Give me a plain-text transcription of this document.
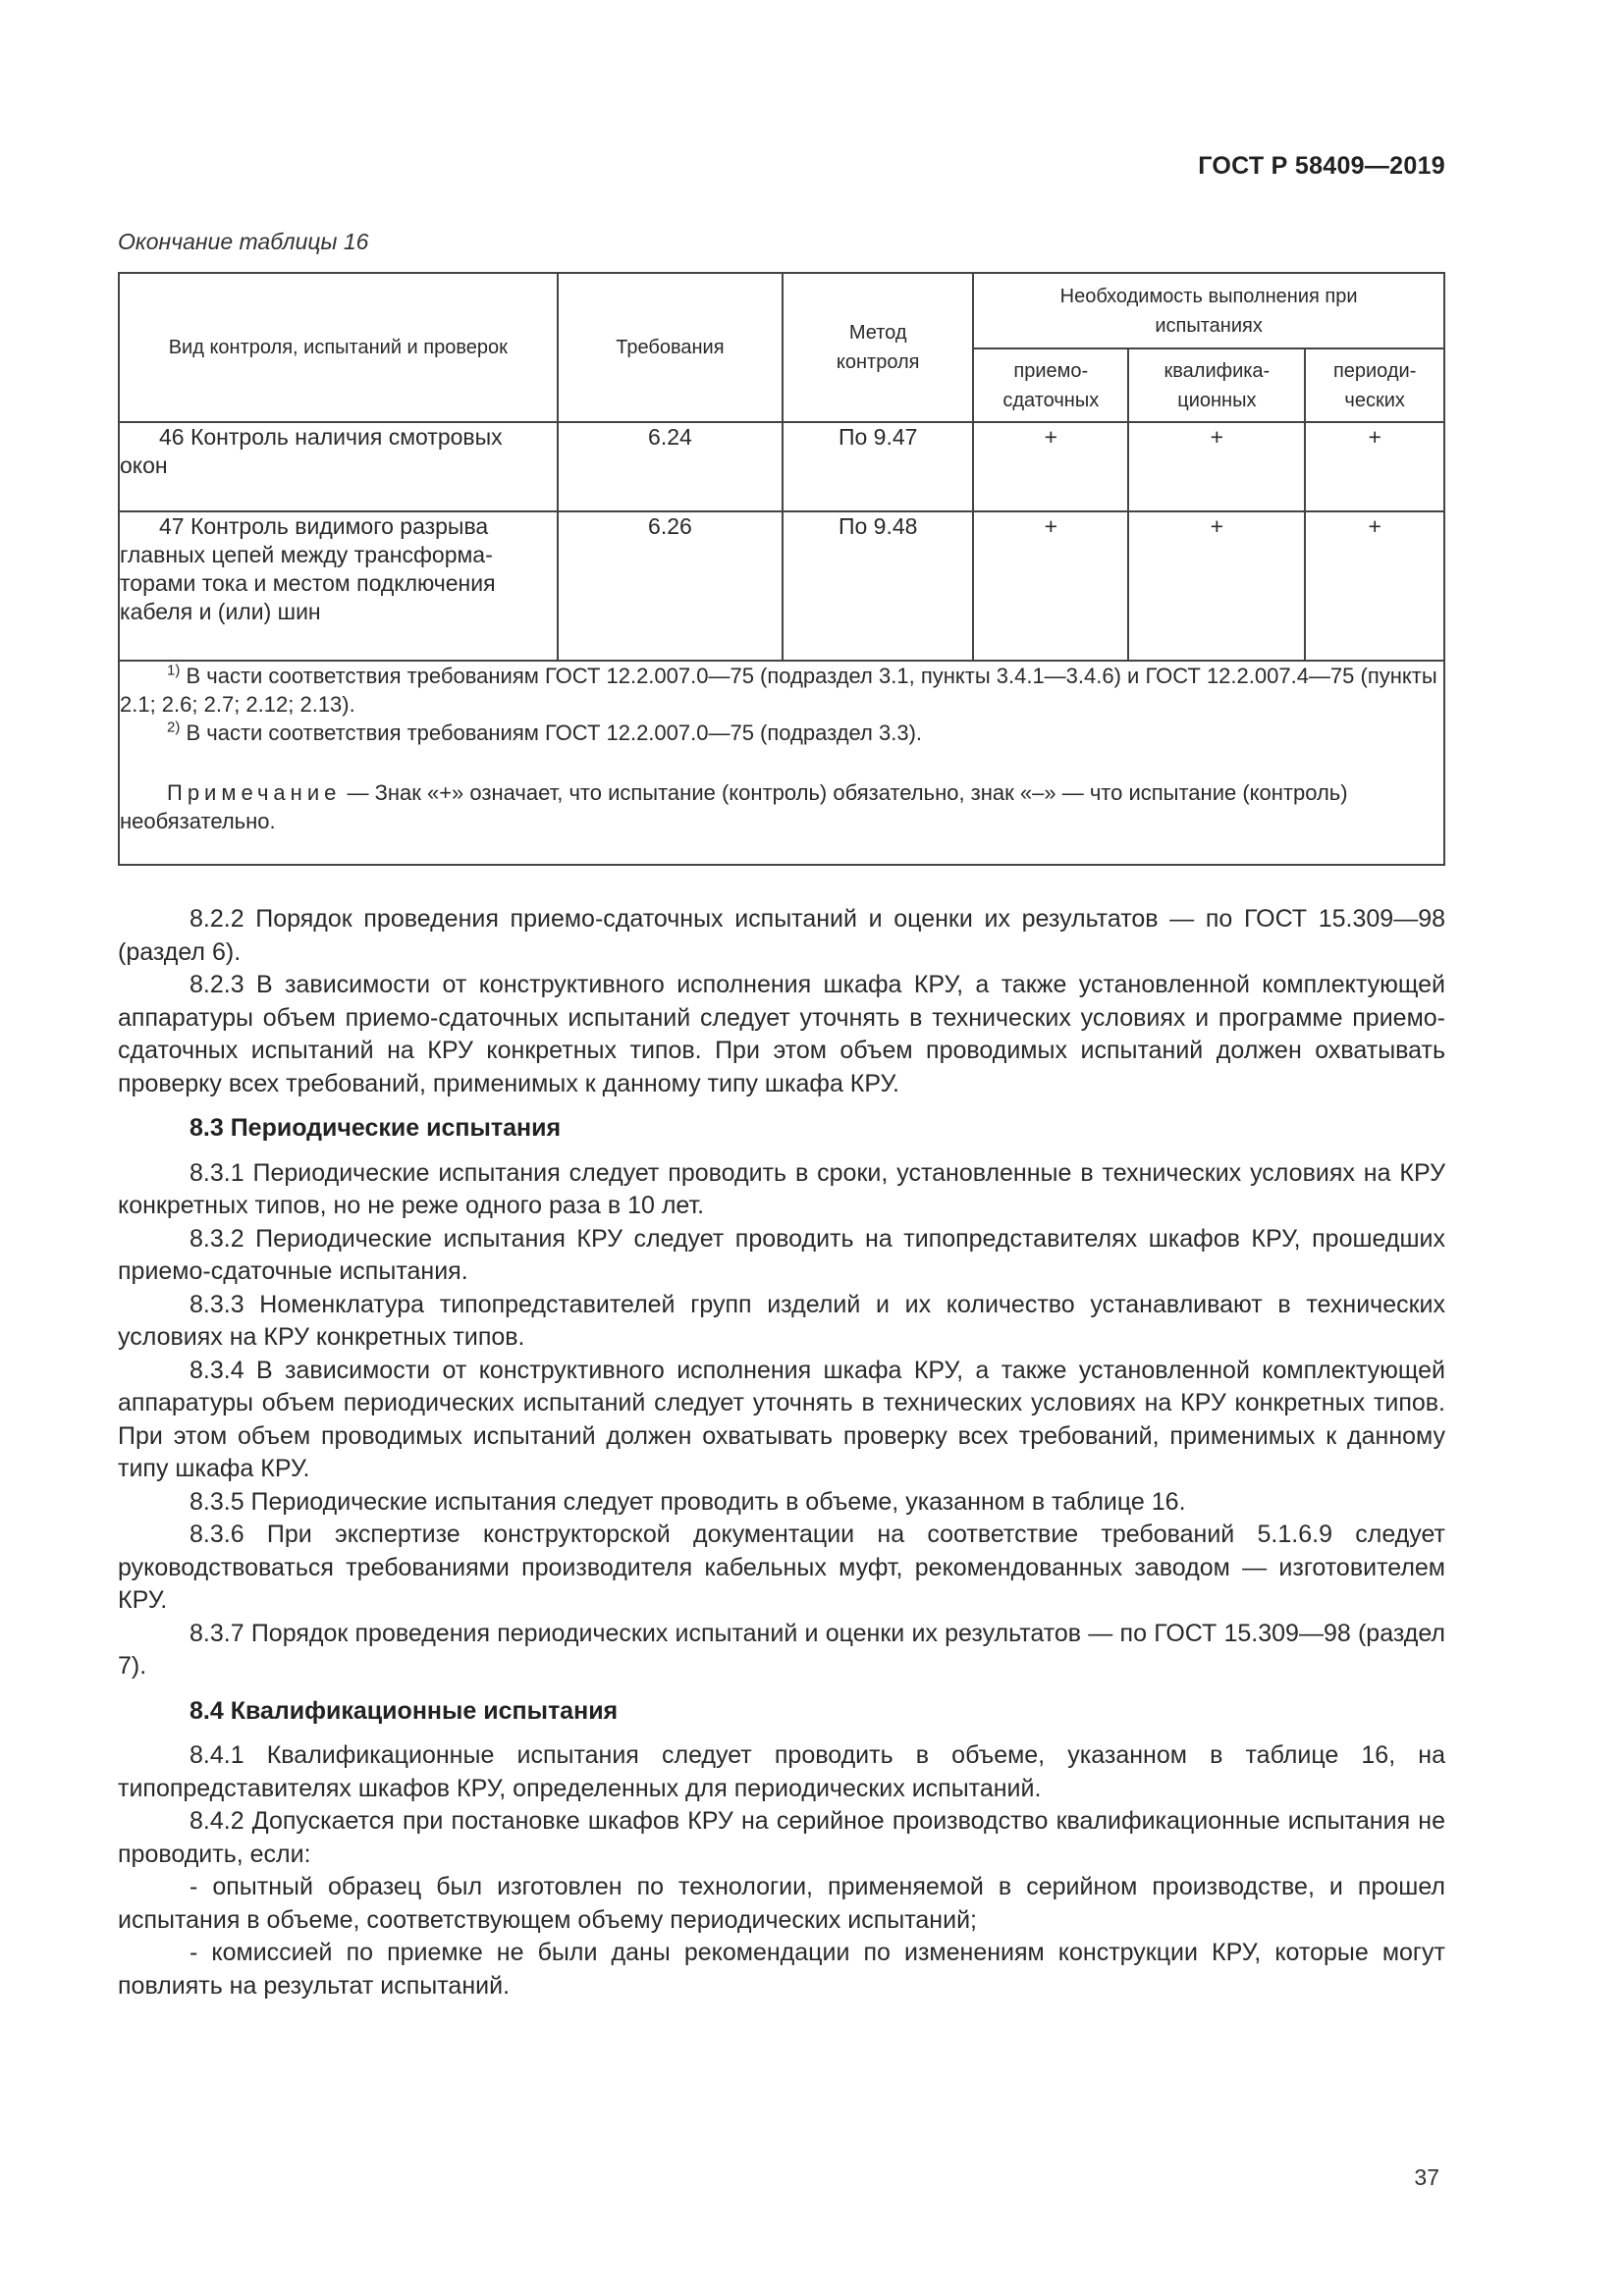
ГОСТ Р 58409—2019
Окончание таблицы 16
Вид контроля, испытаний и проверок	Требования	Метод контроля	Необходимость выполнения при испытаниях		
			приемо-сдаточных	квалифика-ционных	периоди-ческих
46 Контроль наличия смотровых окон	6.24	По 9.47	+	+	+
47 Контроль видимого разрыва главных цепей между трансформа-торами тока и местом подключения кабеля и (или) шин	6.26	По 9.48	+	+	+

$^{1)}$ В части соответствия требованиям ГОСТ 12.2.007.0—75 (подраздел 3.1, пункты 3.4.1—3.4.6) и ГОСТ 12.2.007.4—75 (пункты 2.1; 2.6; 2.7; 2.12; 2.13).
$^{2)}$ В части соответствия требованиям ГОСТ 12.2.007.0—75 (подраздел 3.3).
Примечание — Знак «+» означает, что испытание (контроль) обязательно, знак «–» — что испытание (контроль) необязательно.					

8.2.2 Порядок проведения приемо-сдаточных испытаний и оценки их результатов — по ГОСТ 15.309—98 (раздел 6).

8.2.3 В зависимости от конструктивного исполнения шкафа КРУ, а также установленной комплектующей аппаратуры объем приемо-сдаточных испытаний следует уточнять в технических условиях и программе приемо-сдаточных испытаний на КРУ конкретных типов. При этом объем проводимых испытаний должен охватывать проверку всех требований, применимых к данному типу шкафа КРУ.

8.3 Периодические испытания

8.3.1 Периодические испытания следует проводить в сроки, установленные в технических условиях на КРУ конкретных типов, но не реже одного раза в 10 лет.

8.3.2 Периодические испытания КРУ следует проводить на типопредставителях шкафов КРУ, прошедших приемо-сдаточные испытания.

8.3.3 Номенклатура типопредставителей групп изделий и их количество устанавливают в технических условиях на КРУ конкретных типов.

8.3.4 В зависимости от конструктивного исполнения шкафа КРУ, а также установленной комплектующей аппаратуры объем периодических испытаний следует уточнять в технических условиях на КРУ конкретных типов. При этом объем проводимых испытаний должен охватывать проверку всех требований, применимых к данному типу шкафа КРУ.

8.3.5 Периодические испытания следует проводить в объеме, указанном в таблице 16.

8.3.6 При экспертизе конструкторской документации на соответствие требований 5.1.6.9 следует руководствоваться требованиями производителя кабельных муфт, рекомендованных заводом — изготовителем КРУ.

8.3.7 Порядок проведения периодических испытаний и оценки их результатов — по ГОСТ 15.309—98 (раздел 7).

8.4 Квалификационные испытания

8.4.1 Квалификационные испытания следует проводить в объеме, указанном в таблице 16, на типопредставителях шкафов КРУ, определенных для периодических испытаний.

8.4.2 Допускается при постановке шкафов КРУ на серийное производство квалификационные испытания не проводить, если:

- опытный образец был изготовлен по технологии, применяемой в серийном производстве, и прошел испытания в объеме, соответствующем объему периодических испытаний;

- комиссией по приемке не были даны рекомендации по изменениям конструкции КРУ, которые могут повлиять на результат испытаний.

37
